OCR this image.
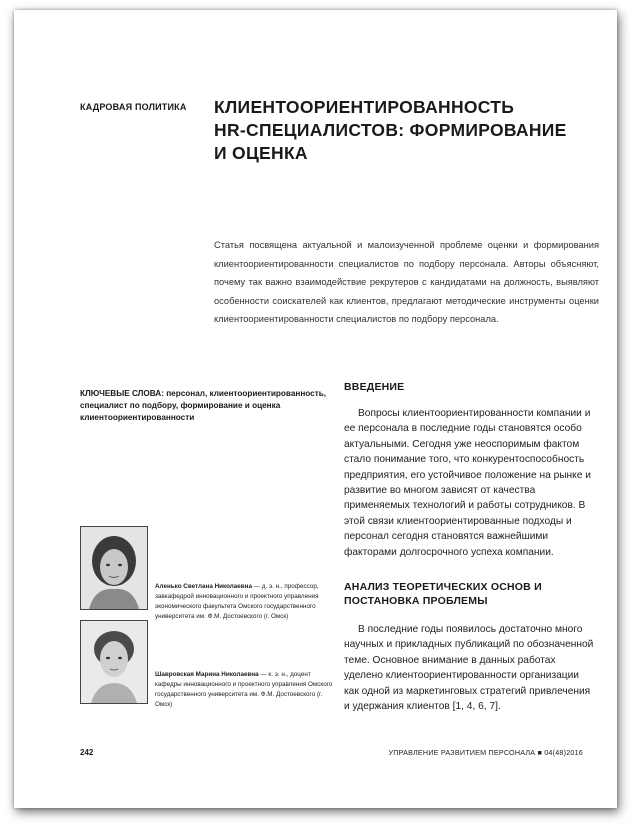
КАДРОВАЯ ПОЛИТИКА КЛИЕНТООРИЕНТИРОВАННОСТЬ
HR-СПЕЦИАЛИСТОВ: ФОРМИРОВАНИЕ
И ОЦЕНКА
Статья посвящена актуальной и малоизученной проблеме оценки и формирования клиентоориентированности специалистов по подбору персонала. Авторы объясняют, почему так важно взаимодействие рекрутеров с кандидатами на должность, выявляют особенности соискателей как клиентов, предлагают методические инструменты оценки клиентоориентированности специалистов по подбору персонала.
КЛЮЧЕВЫЕ СЛОВА: персонал, клиентоориентированность, специалист по подбору, формирование и оценка клиентоориентированности
ВВЕДЕНИЕ
Вопросы клиентоориентированности компании и ее персонала в последние годы становятся особо актуальными. Сегодня уже неоспоримым фактом стало понимание того, что конкурентоспособность предприятия, его устойчивое положение на рынке и развитие во многом зависят от качества применяемых технологий и работы сотрудников. В этой связи клиентоориентированные подходы и персонал сегодня становятся важнейшими факторами долгосрочного успеха компании.
АНАЛИЗ ТЕОРЕТИЧЕСКИХ ОСНОВ И ПОСТАНОВКА ПРОБЛЕМЫ
В последние годы появилось достаточно много научных и прикладных публикаций по обозначенной теме. Основное внимание в данных работах уделено клиентоориентированности организации как одной из маркетинговых стратегий привлечения и удержания клиентов [1, 4, 6, 7].
Аленько Светлана Николаевна — д. э. н., профессор, завкафедрой инновационного и проектного управления экономического факультета Омского государственного университета им. Ф.М. Достоевского (г. Омск)
Шавровская Марина Николаевна — к. э. н., доцент кафедры инновационного и проектного управления Омского государственного университета им. Ф.М. Достоевского (г. Омск)
242	УПРАВЛЕНИЕ РАЗВИТИЕМ ПЕРСОНАЛА ■ 04(48)2016
